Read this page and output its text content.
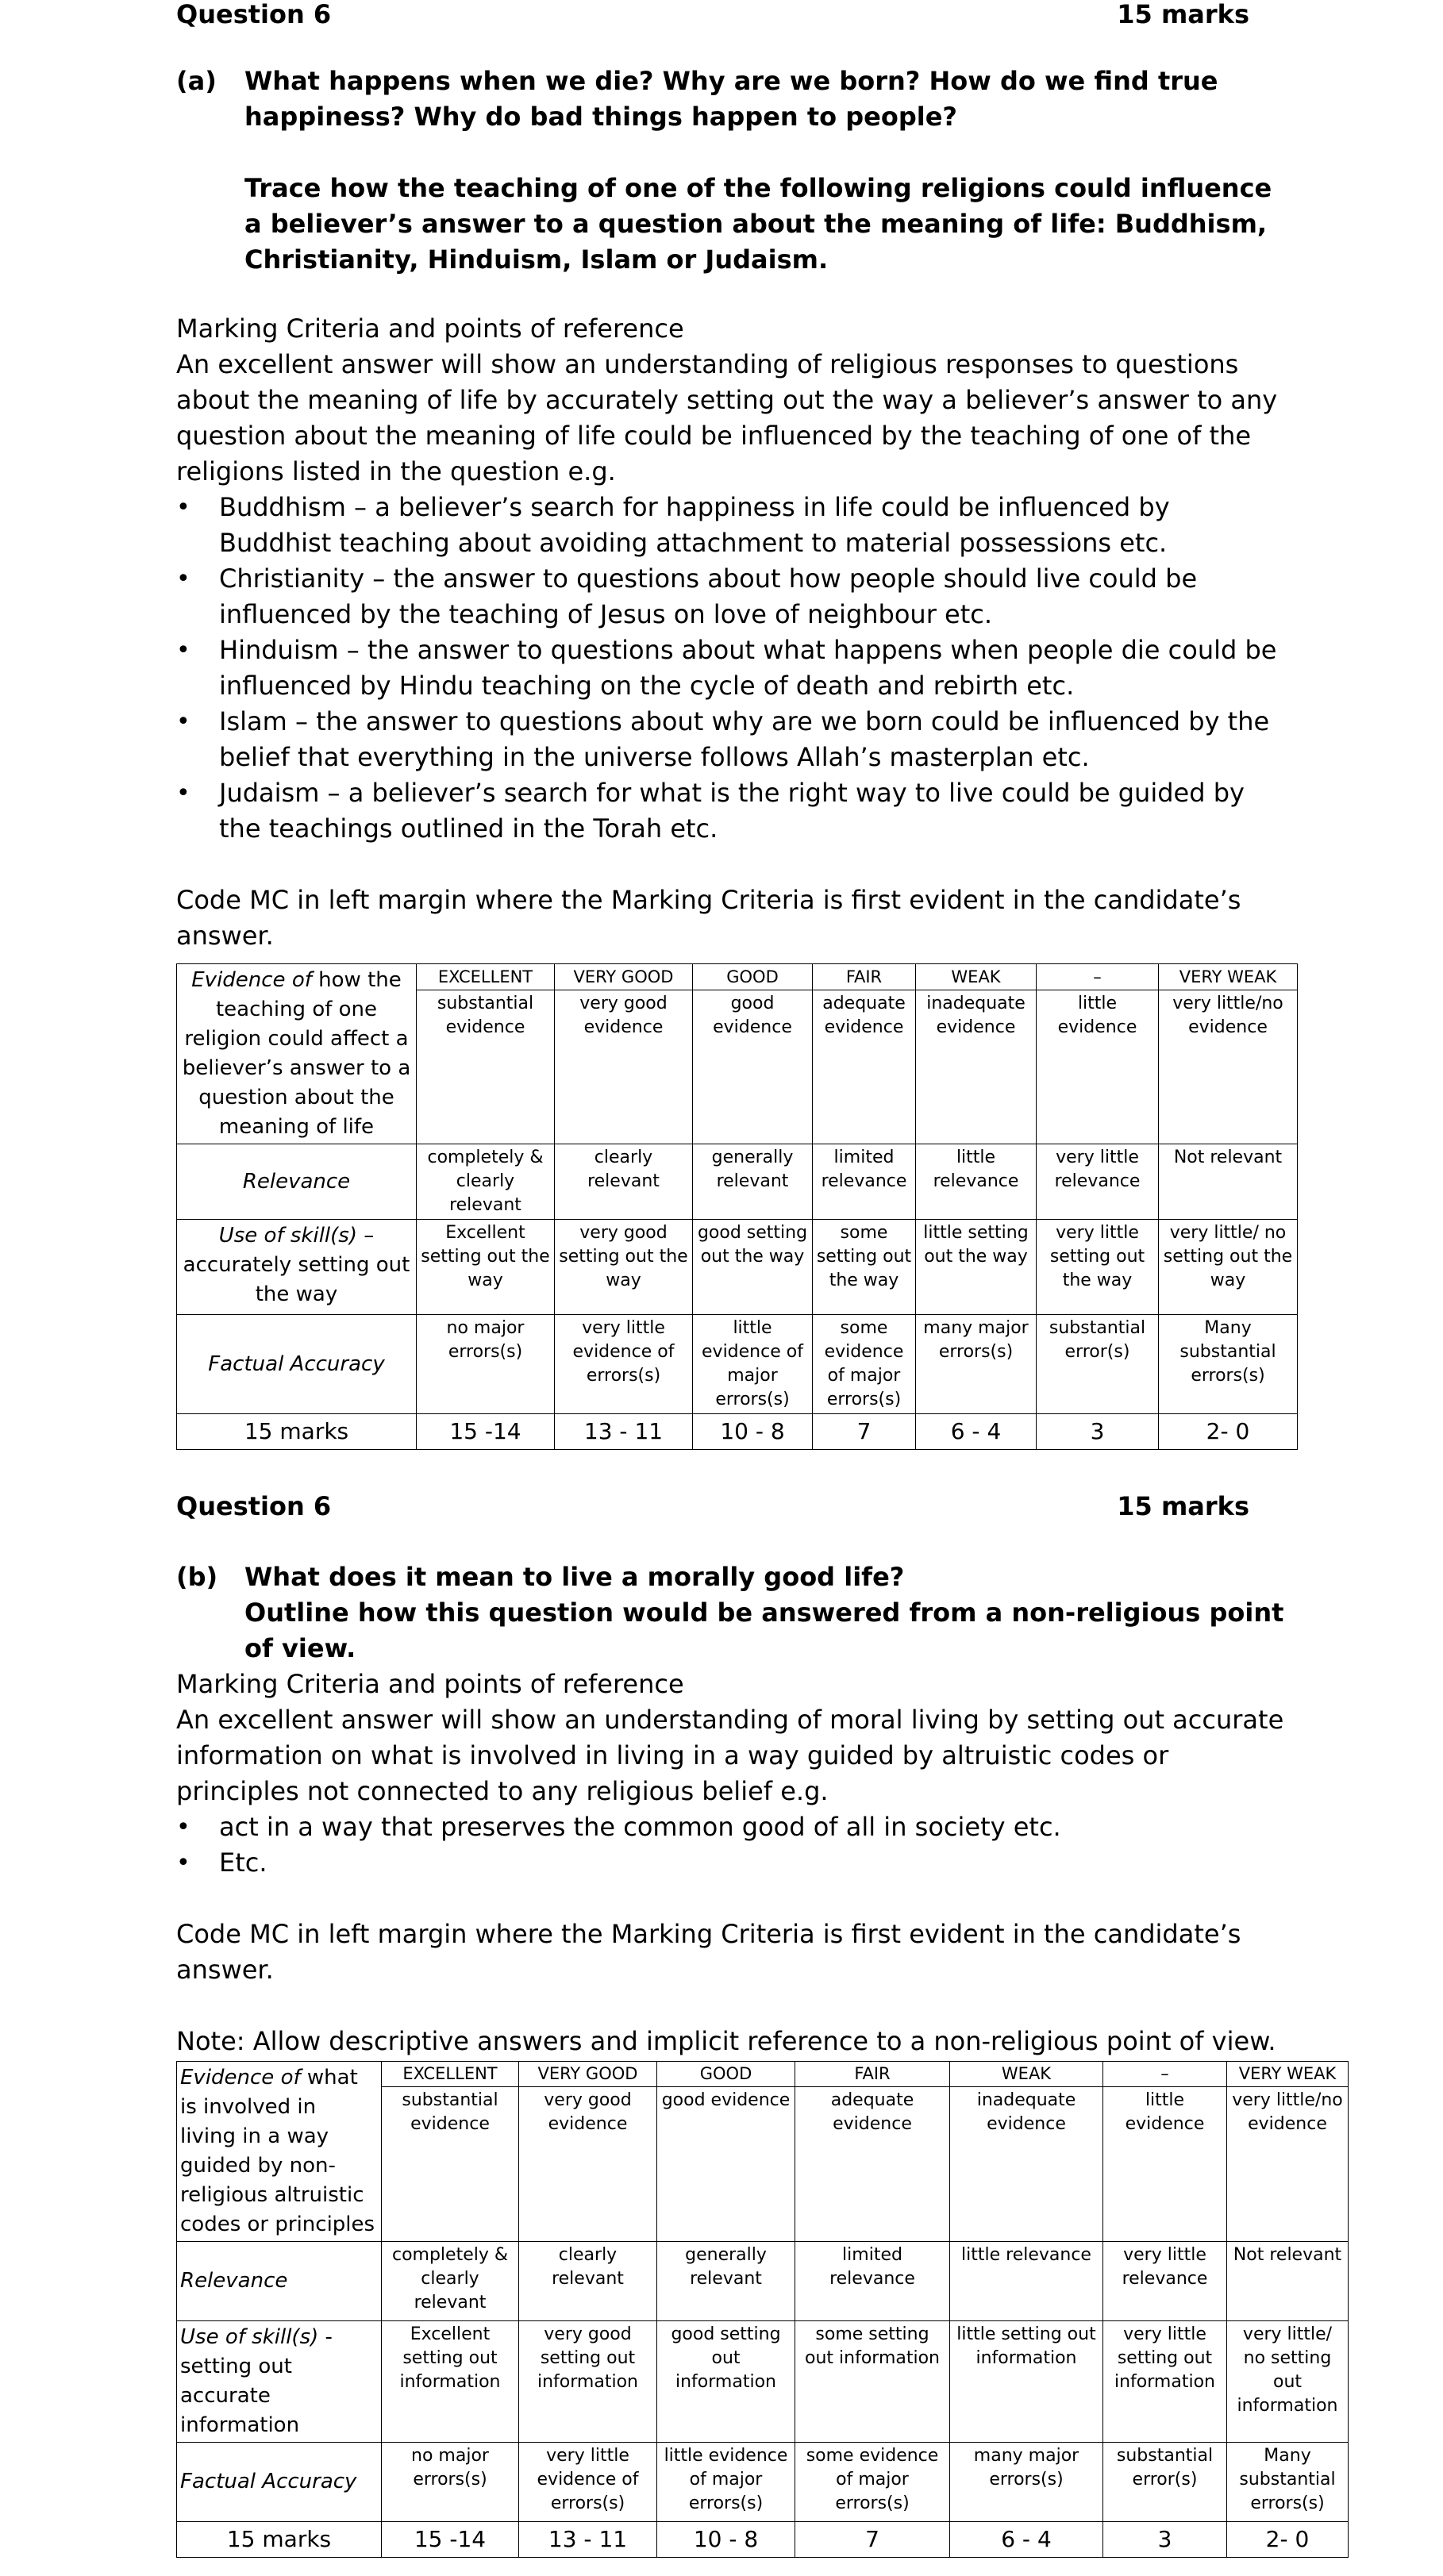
Question 6	15 marks
(a) What happens when we die? Why are we born? How do we find true happiness? Why do bad things happen to people?

Trace how the teaching of one of the following religions could influence a believer’s answer to a question about the meaning of life: Buddhism, Christianity, Hinduism, Islam or Judaism.

Marking Criteria and points of reference

An excellent answer will show an understanding of religious responses to questions about the meaning of life by accurately setting out the way a believer’s answer to any question about the meaning of life could be influenced by the teaching of one of the religions listed in the question e.g.

• Buddhism – a believer’s search for happiness in life could be influenced by Buddhist teaching about avoiding attachment to material possessions etc.
• Christianity – the answer to questions about how people should live could be influenced by the teaching of Jesus on love of neighbour etc.
• Hinduism – the answer to questions about what happens when people die could be influenced by Hindu teaching on the cycle of death and rebirth etc.
• Islam – the answer to questions about why are we born could be influenced by the belief that everything in the universe follows Allah’s masterplan etc.
• Judaism – a believer’s search for what is the right way to live could be guided by the teachings outlined in the Torah etc.

Code MC in left margin where the Marking Criteria is first evident in the candidate’s answer.

Evidence of how the teaching of one religion could affect a believer’s answer to a question about the meaning of life	EXCELLENT	VERY GOOD	GOOD	FAIR	WEAK	–	VERY WEAK
	substantial evidence	very good evidence	good evidence	adequate evidence	inadequate evidence	little evidence	very little/no evidence
Relevance	completely & clearly relevant	clearly relevant	generally relevant	limited relevance	little relevance	very little relevance	Not relevant
Use of skill(s) – accurately setting out the way	Excellent setting out the way	very good setting out the way	good setting out the way	some setting out the way	little setting out the way	very little setting out the way	very little/ no setting out the way
Factual Accuracy	no major errors(s)	very little evidence of errors(s)	little evidence of major errors(s)	some evidence of major errors(s)	many major errors(s)	substantial error(s)	Many substantial errors(s)
15 marks	15 -14	13 - 11	10 - 8	7	6 - 4	3	2- 0
Question 6	15 marks
(b) What does it mean to live a morally good life?

Outline how this question would be answered from a non-religious point of view.

Marking Criteria and points of reference

An excellent answer will show an understanding of moral living by setting out accurate information on what is involved in living in a way guided by altruistic codes or principles not connected to any religious belief e.g.

• act in a way that preserves the common good of all in society etc.
• Etc.

Code MC in left margin where the Marking Criteria is first evident in the candidate’s answer.

Note: Allow descriptive answers and implicit reference to a non-religious point of view.

Evidence of what is involved in living in a way guided by non-religious altruistic codes or principles	EXCELLENT	VERY GOOD	GOOD	FAIR	WEAK	–	VERY WEAK
	substantial evidence	very good evidence	good evidence	adequate evidence	inadequate evidence	little evidence	very little/no evidence
Relevance	completely & clearly relevant	clearly relevant	generally relevant	limited relevance	little relevance	very little relevance	Not relevant
Use of skill(s) - setting out accurate information	Excellent setting out information	very good setting out information	good setting out information	some setting out information	little setting out information	very little setting out information	very little/ no setting out information
Factual Accuracy	no major errors(s)	very little evidence of errors(s)	little evidence of major errors(s)	some evidence of major errors(s)	many major errors(s)	substantial error(s)	Many substantial errors(s)
15 marks	15 -14	13 - 11	10 - 8	7	6 - 4	3	2- 0
